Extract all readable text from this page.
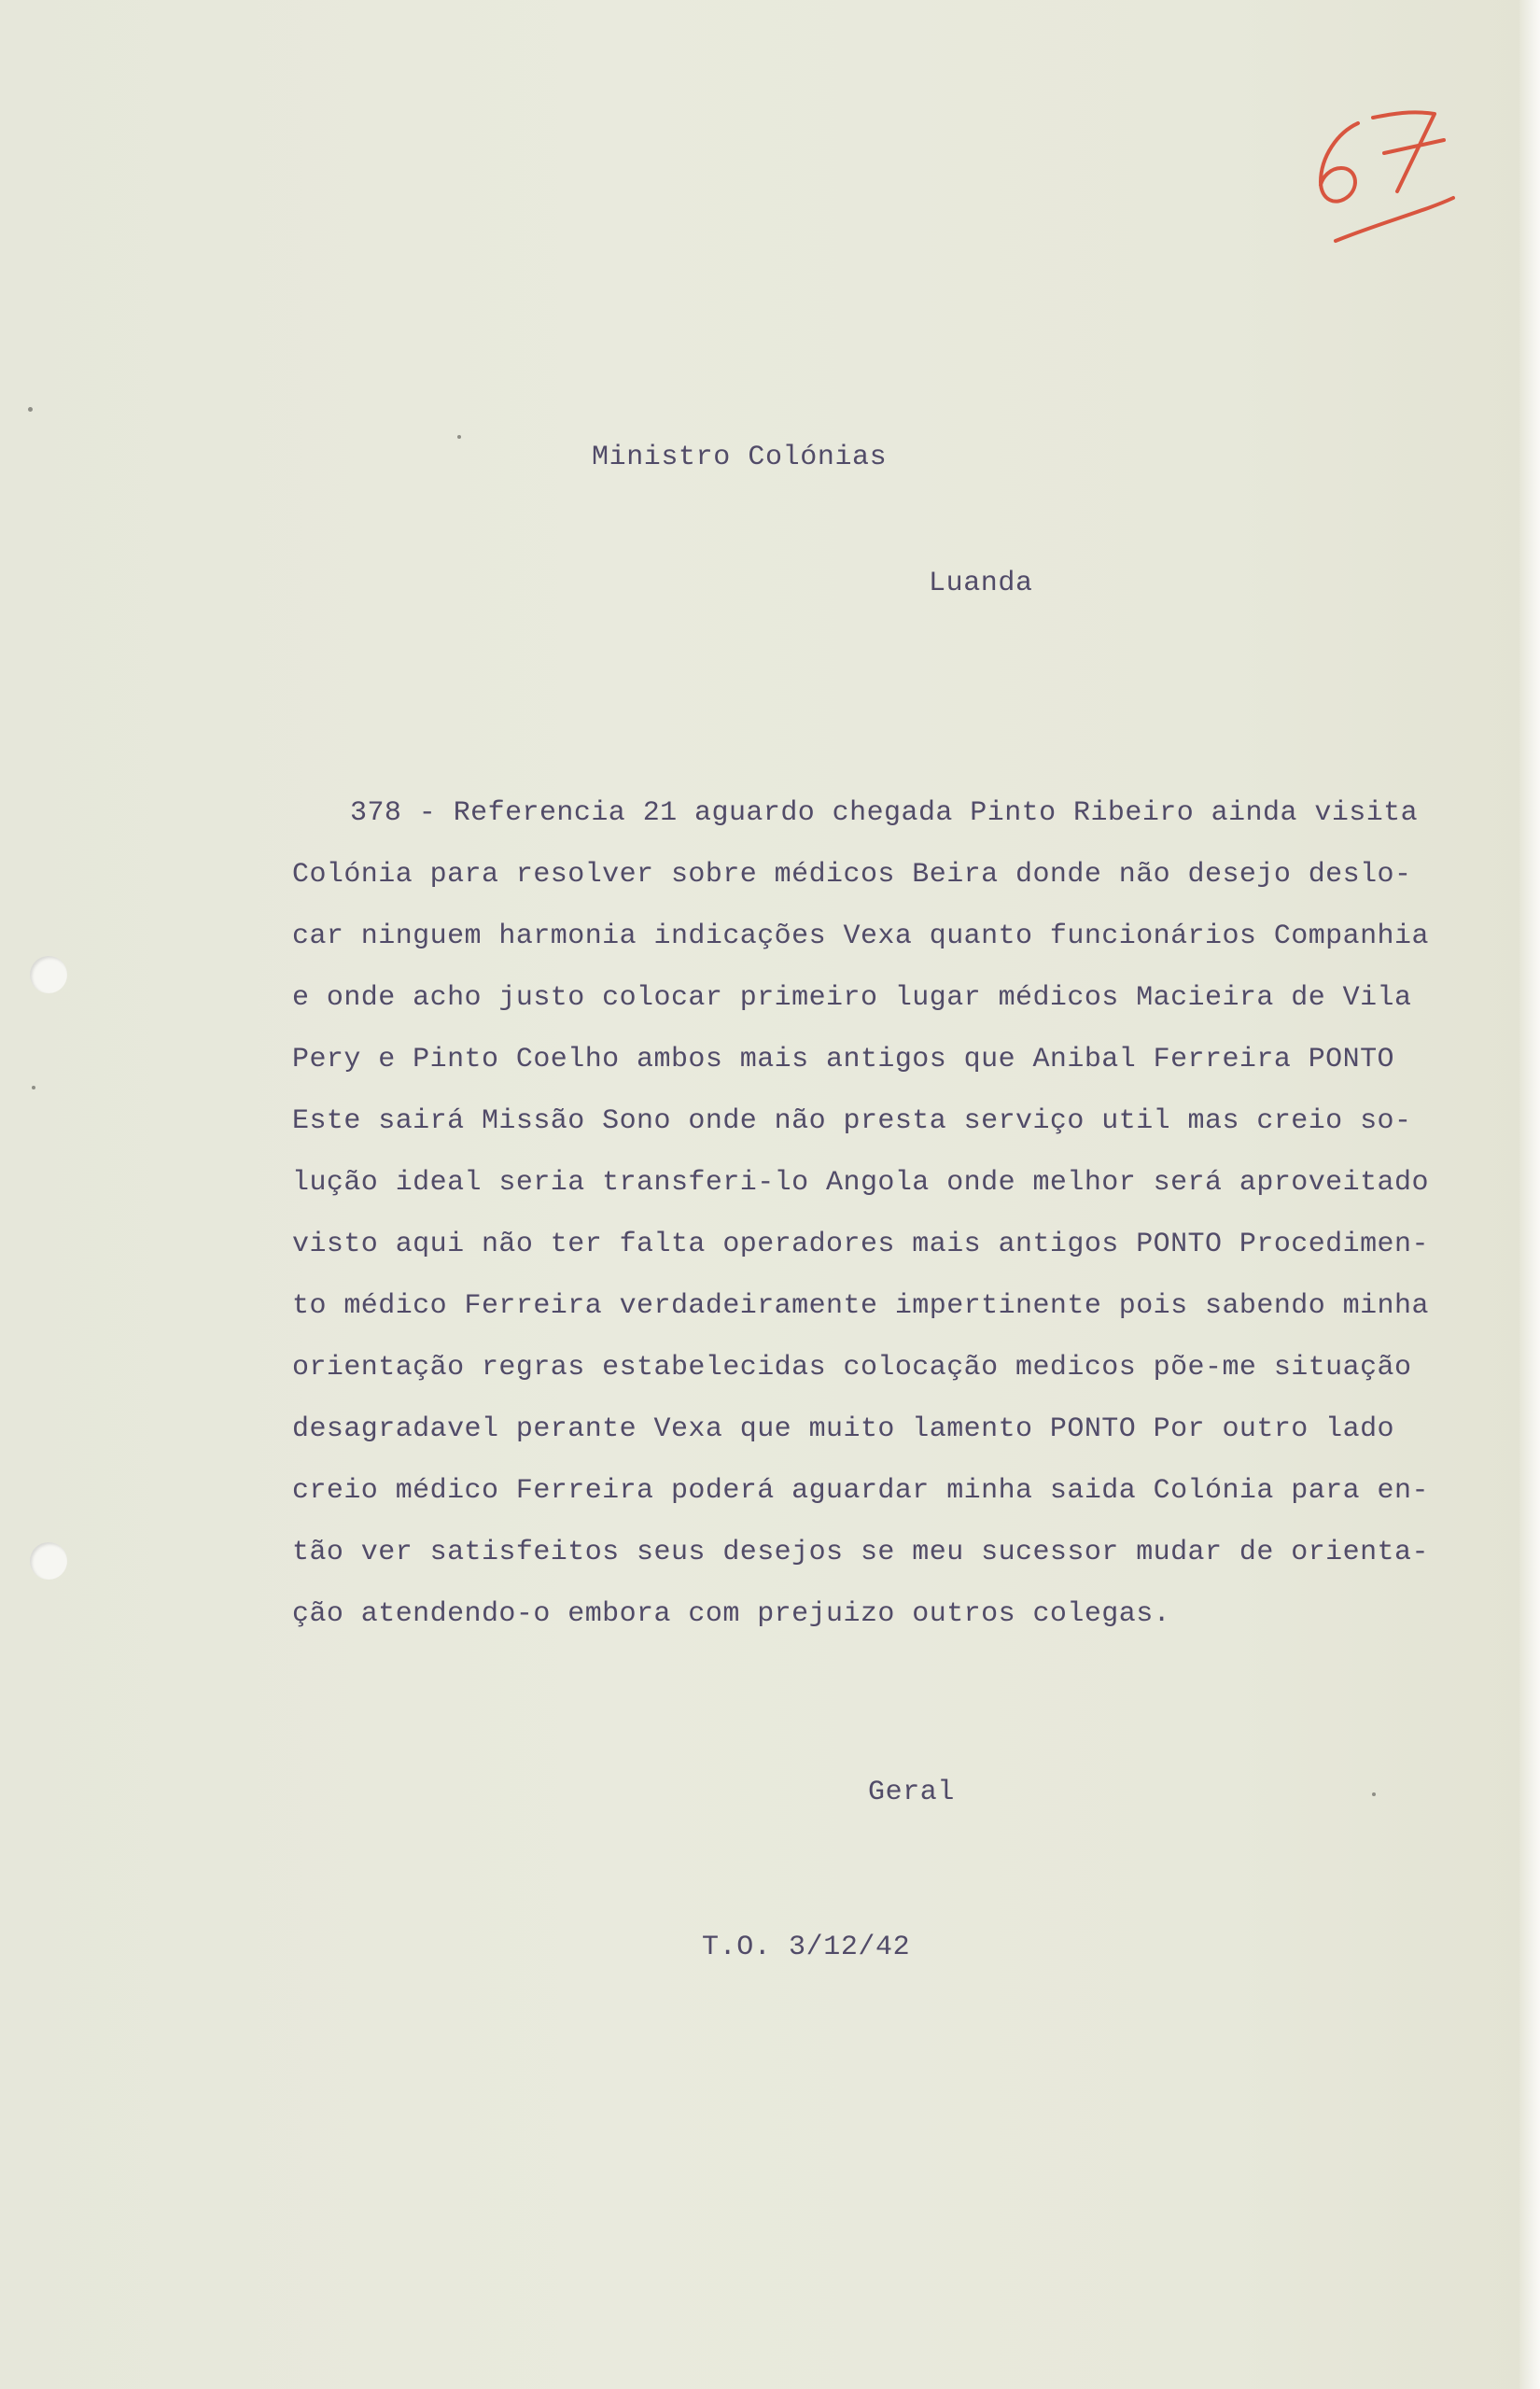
Ministro Colónias
Luanda
378 - Referencia 21 aguardo chegada Pinto Ribeiro ainda visita
Colónia para resolver sobre médicos Beira donde não desejo deslo-
car ninguem harmonia indicações Vexa quanto funcionários Companhia
e onde acho justo colocar primeiro lugar médicos Macieira de Vila
Pery e Pinto Coelho ambos mais antigos que Anibal Ferreira PONTO
Este sairá Missão Sono onde não presta serviço util mas creio so-
lução ideal seria transferi-lo Angola onde melhor será aproveitado
visto aqui não ter falta operadores mais antigos PONTO Procedimen-
to médico Ferreira verdadeiramente impertinente pois sabendo minha
orientação regras estabelecidas colocação medicos põe-me situação
desagradavel perante Vexa que muito lamento PONTO Por outro lado
creio médico Ferreira poderá aguardar minha saida Colónia para en-
tão ver satisfeitos seus desejos se meu sucessor mudar de orienta-
ção atendendo-o embora com prejuizo outros colegas.
Geral
T.O. 3/12/42
